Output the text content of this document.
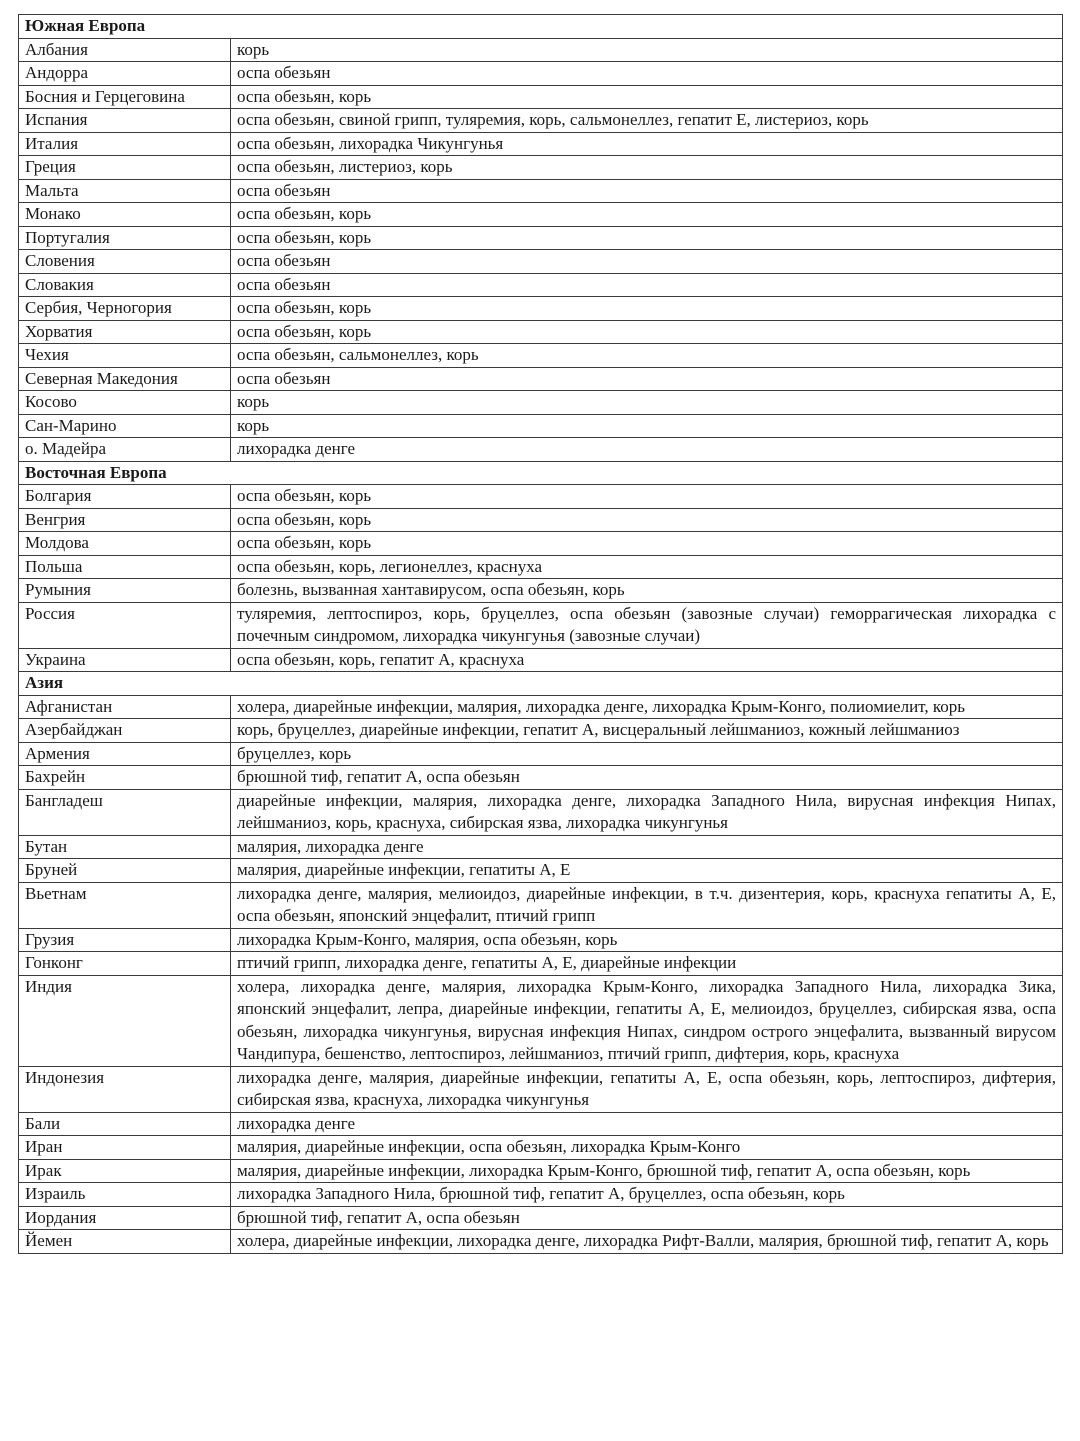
Южная Европа	
Албания	корь
Андорра	оспа обезьян
Босния и Герцеговина	оспа обезьян, корь
Испания	оспа обезьян, свиной грипп, туляремия, корь, сальмонеллез, гепатит Е, листериоз, корь
Италия	оспа обезьян, лихорадка Чикунгунья
Греция	оспа обезьян, листериоз, корь
Мальта	оспа обезьян
Монако	оспа обезьян, корь
Португалия	оспа обезьян, корь
Словения	оспа обезьян
Словакия	оспа обезьян
Сербия, Черногория	оспа обезьян, корь
Хорватия	оспа обезьян, корь
Чехия	оспа обезьян, сальмонеллез, корь
Северная Македония	оспа обезьян
Косово	корь
Сан-Марино	корь
о. Мадейра	лихорадка денге
Восточная Европа	
Болгария	оспа обезьян, корь
Венгрия	оспа обезьян, корь
Молдова	оспа обезьян, корь
Польша	оспа обезьян, корь, легионеллез, краснуха
Румыния	болезнь, вызванная хантавирусом, оспа обезьян, корь
Россия	туляремия, лептоспироз, корь, бруцеллез, оспа обезьян (завозные случаи) геморрагическая лихорадка с почечным синдромом, лихорадка чикунгунья (завозные случаи)
Украина	оспа обезьян, корь, гепатит А, краснуха
Азия	
Афганистан	холера, диарейные инфекции, малярия, лихорадка денге, лихорадка Крым-Конго, полиомиелит, корь
Азербайджан	корь, бруцеллез, диарейные инфекции, гепатит А, висцеральный лейшманиоз, кожный лейшманиоз
Армения	бруцеллез, корь
Бахрейн	брюшной тиф, гепатит А, оспа обезьян
Бангладеш	диарейные инфекции, малярия, лихорадка денге, лихорадка Западного Нила, вирусная инфекция Нипах, лейшманиоз, корь, краснуха, сибирская язва, лихорадка чикунгунья
Бутан	малярия, лихорадка денге
Бруней	малярия, диарейные инфекции, гепатиты А, Е
Вьетнам	лихорадка денге, малярия, мелиоидоз, диарейные инфекции, в т.ч. дизентерия, корь, краснуха гепатиты А, Е, оспа обезьян, японский энцефалит, птичий грипп
Грузия	лихорадка Крым-Конго, малярия, оспа обезьян, корь
Гонконг	птичий грипп, лихорадка денге, гепатиты А, Е, диарейные инфекции
Индия	холера, лихорадка денге, малярия, лихорадка Крым-Конго, лихорадка Западного Нила, лихорадка Зика, японский энцефалит, лепра, диарейные инфекции, гепатиты А, Е, мелиоидоз, бруцеллез, сибирская язва, оспа обезьян, лихорадка чикунгунья, вирусная инфекция Нипах, синдром острого энцефалита, вызванный вирусом Чандипура, бешенство, лептоспироз, лейшманиоз, птичий грипп, дифтерия, корь, краснуха
Индонезия	лихорадка денге, малярия, диарейные инфекции, гепатиты А, Е, оспа обезьян, корь, лептоспироз, дифтерия, сибирская язва, краснуха, лихорадка чикунгунья
Бали	лихорадка денге
Иран	малярия, диарейные инфекции, оспа обезьян, лихорадка Крым-Конго
Ирак	малярия, диарейные инфекции, лихорадка Крым-Конго, брюшной тиф, гепатит А, оспа обезьян, корь
Израиль	лихорадка Западного Нила, брюшной тиф, гепатит А, бруцеллез, оспа обезьян, корь
Иордания	брюшной тиф, гепатит А, оспа обезьян
Йемен	холера, диарейные инфекции, лихорадка денге, лихорадка Рифт-Валли, малярия, брюшной тиф, гепатит А, корь
